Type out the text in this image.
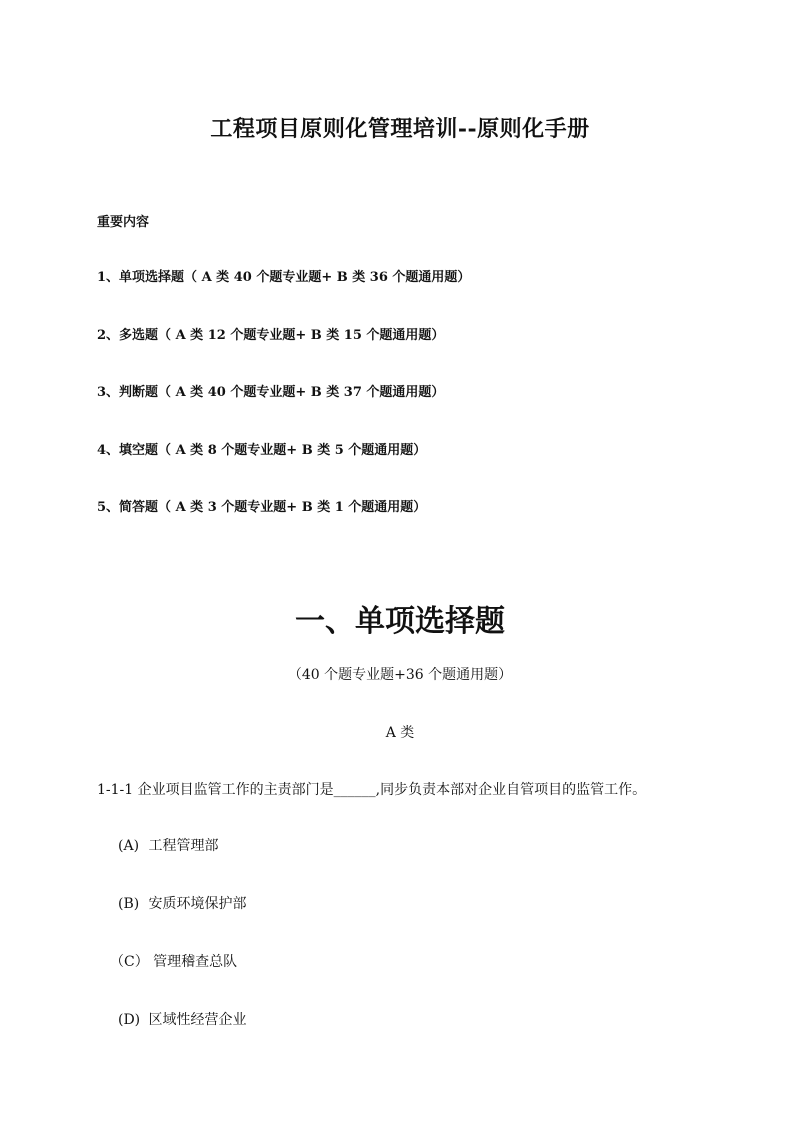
工程项目原则化管理培训--原则化手册

重要内容

1、单项选择题（ A 类 40 个题专业题+ B 类 36 个题通用题）
2、多选题（ A 类 12 个题专业题+ B 类 15 个题通用题）
3、判断题（ A 类 40 个题专业题+ B 类 37 个题通用题）
4、填空题（ A 类 8 个题专业题+ B 类 5 个题通用题）
5、简答题（ A 类 3 个题专业题+ B 类 1 个题通用题）
一、单项选择题

（40 个题专业题+36 个题通用题）

A 类

1-1-1 企业项目监管工作的主责部门是______,同步负责本部对企业自管项目的监管工作。

(A) 工程管理部
(B) 安质环境保护部
（C） 管理稽查总队
(D) 区域性经营企业
